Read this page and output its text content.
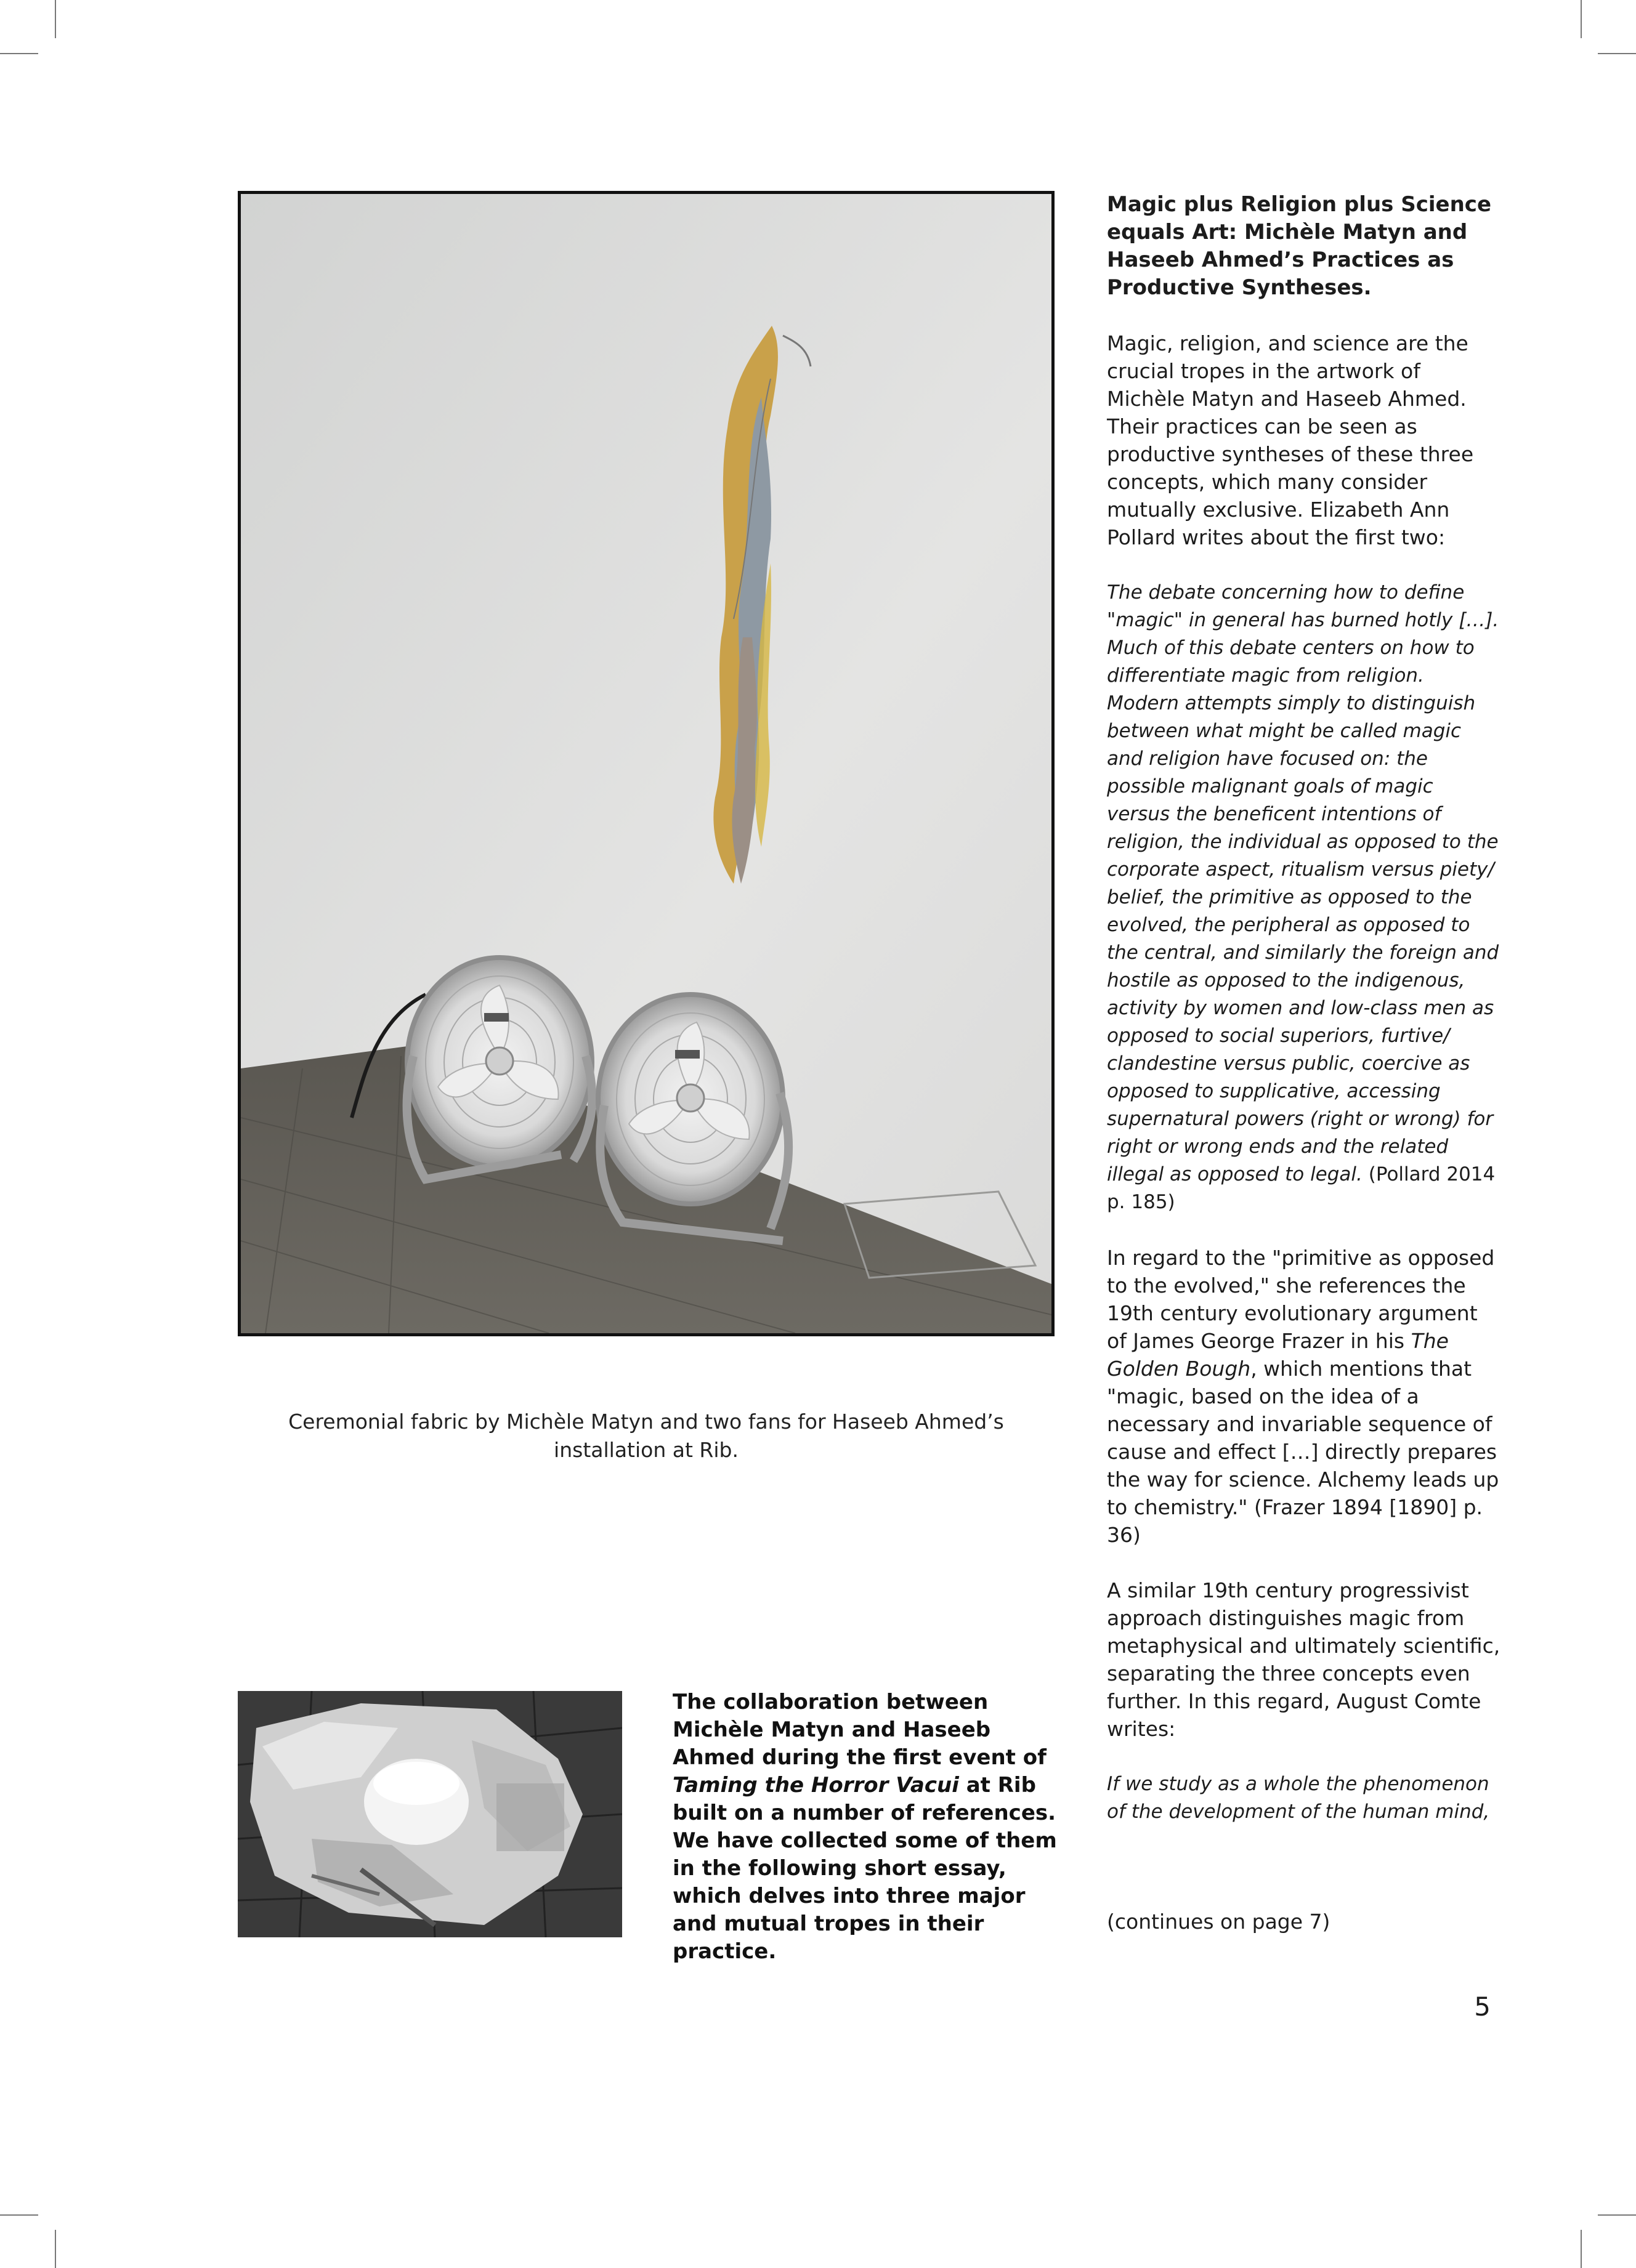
Ceremonial fabric by Michèle Matyn and two fans for Haseeb Ahmed’s installation at Rib.

The collaboration between Michèle Matyn and Haseeb Ahmed during the first event of Taming the Horror Vacui at Rib built on a number of references. We have collected some of them in the following short essay, which delves into three major and mutual tropes in their practice.

Magic plus Religion plus Science equals Art: Michèle Matyn and Haseeb Ahmed’s Practices as Productive Syntheses.

Magic, religion, and science are the crucial tropes in the artwork of Michèle Matyn and Haseeb Ahmed. Their practices can be seen as productive syntheses of these three concepts, which many consider mutually exclusive. Elizabeth Ann Pollard writes about the first two:

The debate concerning how to define "magic" in general has burned hotly […]. Much of this debate centers on how to differentiate magic from religion. Modern attempts simply to distinguish between what might be called magic and religion have focused on: the possible malignant goals of magic versus the beneficent intentions of religion, the individual as opposed to the corporate aspect, ritualism versus piety/ belief, the primitive as opposed to the evolved, the peripheral as opposed to the central, and similarly the foreign and hostile as opposed to the indigenous, activity by women and low-class men as opposed to social superiors, furtive/ clandestine versus public, coercive as opposed to supplicative, accessing supernatural powers (right or wrong) for right or wrong ends and the related illegal as opposed to legal. (Pollard 2014 p. 185)

In regard to the "primitive as opposed to the evolved," she references the 19th century evolutionary argument of James George Frazer in his The Golden Bough, which mentions that "magic, based on the idea of a necessary and invariable sequence of cause and effect […] directly prepares the way for science. Alchemy leads up to chemistry." (Frazer 1894 [1890] p. 36)

A similar 19th century progressivist approach distinguishes magic from metaphysical and ultimately scientific, separating the three concepts even further. In this regard, August Comte writes:

If we study as a whole the phenomenon of the development of the human mind,

(continues on page 7)

5
